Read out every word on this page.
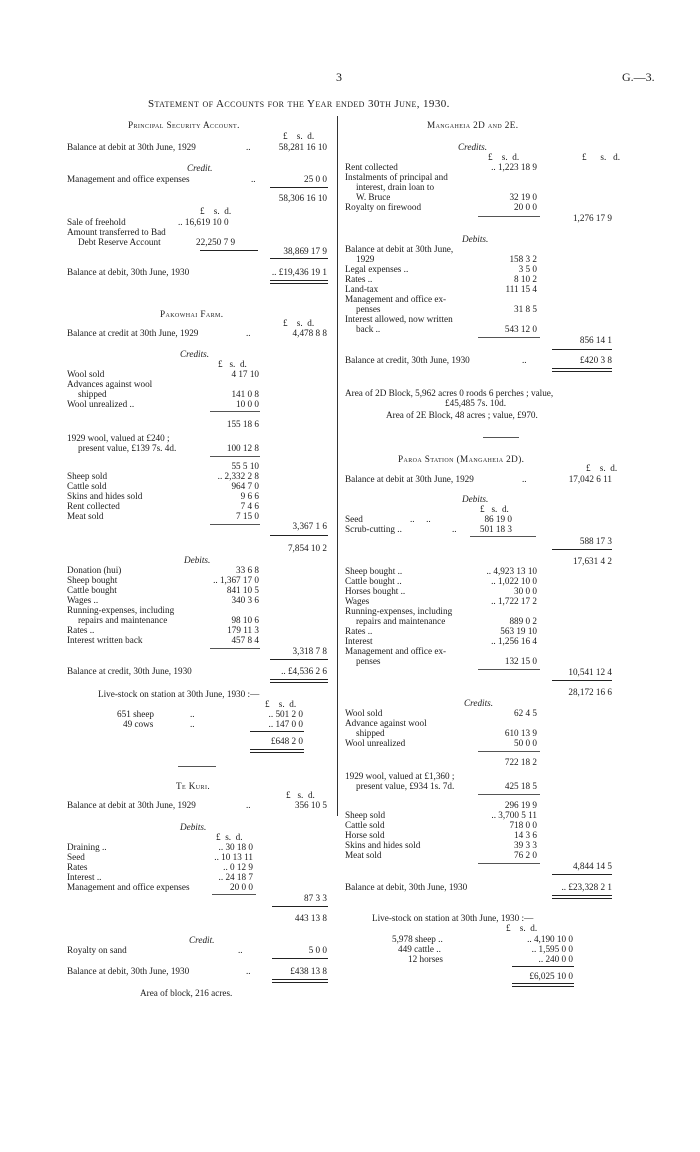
3	G.—3.
Statement of Accounts for the Year ended 30th June, 1930.
Principal Security Account.
£ s. d.
Balance at debit at 30th June, 1929	..	58,281 16 10
Credit.
Management and office expenses	..	25 0 0
58,306 16 10
£ s. d.
Sale of freehold	.. 16,619 10 0
Amount transferred to Bad
Debt Reserve Account	22,250 7 9
38,869 17 9
Balance at debit, 30th June, 1930	.. £19,436 19 1
Pakowhai Farm.
£ s. d.
Balance at credit at 30th June, 1929	..	4,478 8 8
Credits.
£ s. d.
Wool sold	4 17 10
Advances against wool
shipped	141 0 8
Wool unrealized ..	10 0 0
155 18 6
1929 wool, valued at £240 ;
present value, £139 7s. 4d.	100 12 8
55 5 10
Sheep sold	.. 2,332 2 8
Cattle sold	964 7 0
Skins and hides sold	9 6 6
Rent collected	7 4 6
Meat sold	7 15 0
3,367 1 6
7,854 10 2
Debits.
Donation (hui)	33 6 8
Sheep bought	.. 1,367 17 0
Cattle bought	841 10 5
Wages ..	340 3 6
Running-expenses, including
repairs and maintenance	98 10 6
Rates ..	179 11 3
Interest written back	457 8 4
3,318 7 8
Balance at credit, 30th June, 1930	.. £4,536 2 6
Live-stock on station at 30th June, 1930 :—
£ s. d.
651 sheep	..	.. 501 2 0
49 cows	..	.. 147 0 0
£648 2 0
Te Kuri.
£ s. d.
Balance at debit at 30th June, 1929	..	356 10 5
Debits.
£ s. d.
Draining ..	.. 30 18 0
Seed	.. 10 13 11
Rates	.. 0 12 9
Interest ..	.. 24 18 7
Management and office expenses	20 0 0
87 3 3
443 13 8
Credit.
Royalty on sand	..	5 0 0
Balance at debit, 30th June, 1930	..	£438 13 8
Area of block, 216 acres.
Mangaheia 2D and 2E.
Credits.
£ s. d.	£ s. d.
Rent collected	.. 1,223 18 9
Instalments of principal and
interest, drain loan to
W. Bruce	32 19 0
Royalty on firewood	20 0 0
1,276 17 9
Debits.
Balance at debit at 30th June,
1929	158 3 2
Legal expenses ..	3 5 0
Rates ..	8 10 2
Land-tax	111 15 4
Management and office ex-
penses	31 8 5
Interest allowed, now written
back ..	543 12 0
856 14 1
Balance at credit, 30th June, 1930	..	£420 3 8
Area of 2D Block, 5,962 acres 0 roods 6 perches ; value,
£45,485 7s. 10d.
Area of 2E Block, 48 acres ; value, £970.
Paroa Station (Mangaheia 2D).
£ s. d.
Balance at debit at 30th June, 1929	..	17,042 6 11
Debits.
£ s. d.
Seed	..     ..	86 19 0
Scrub-cutting ..	..	501 18 3
588 17 3
17,631 4 2
Sheep bought ..	.. 4,923 13 10
Cattle bought ..	.. 1,022 10 0
Horses bought ..	30 0 0
Wages	.. 1,722 17 2
Running-expenses, including
repairs and maintenance	889 0 2
Rates ..	563 19 10
Interest	.. 1,256 16 4
Management and office ex-
penses	132 15 0
10,541 12 4
28,172 16 6
Credits.
Wool sold	62 4 5
Advance against wool
shipped	610 13 9
Wool unrealized	50 0 0
722 18 2
1929 wool, valued at £1,360 ;
present value, £934 1s. 7d.	425 18 5
296 19 9
Sheep sold	.. 3,700 5 11
Cattle sold	718 0 0
Horse sold	14 3 6
Skins and hides sold	39 3 3
Meat sold	76 2 0
4,844 14 5
Balance at debit, 30th June, 1930	.. £23,328 2 1
Live-stock on station at 30th June, 1930 :—
£ s. d.
5,978 sheep ..	.. 4,190 10 0
449 cattle ..	.. 1,595 0 0
12 horses	.. 240 0 0
£6,025 10 0
